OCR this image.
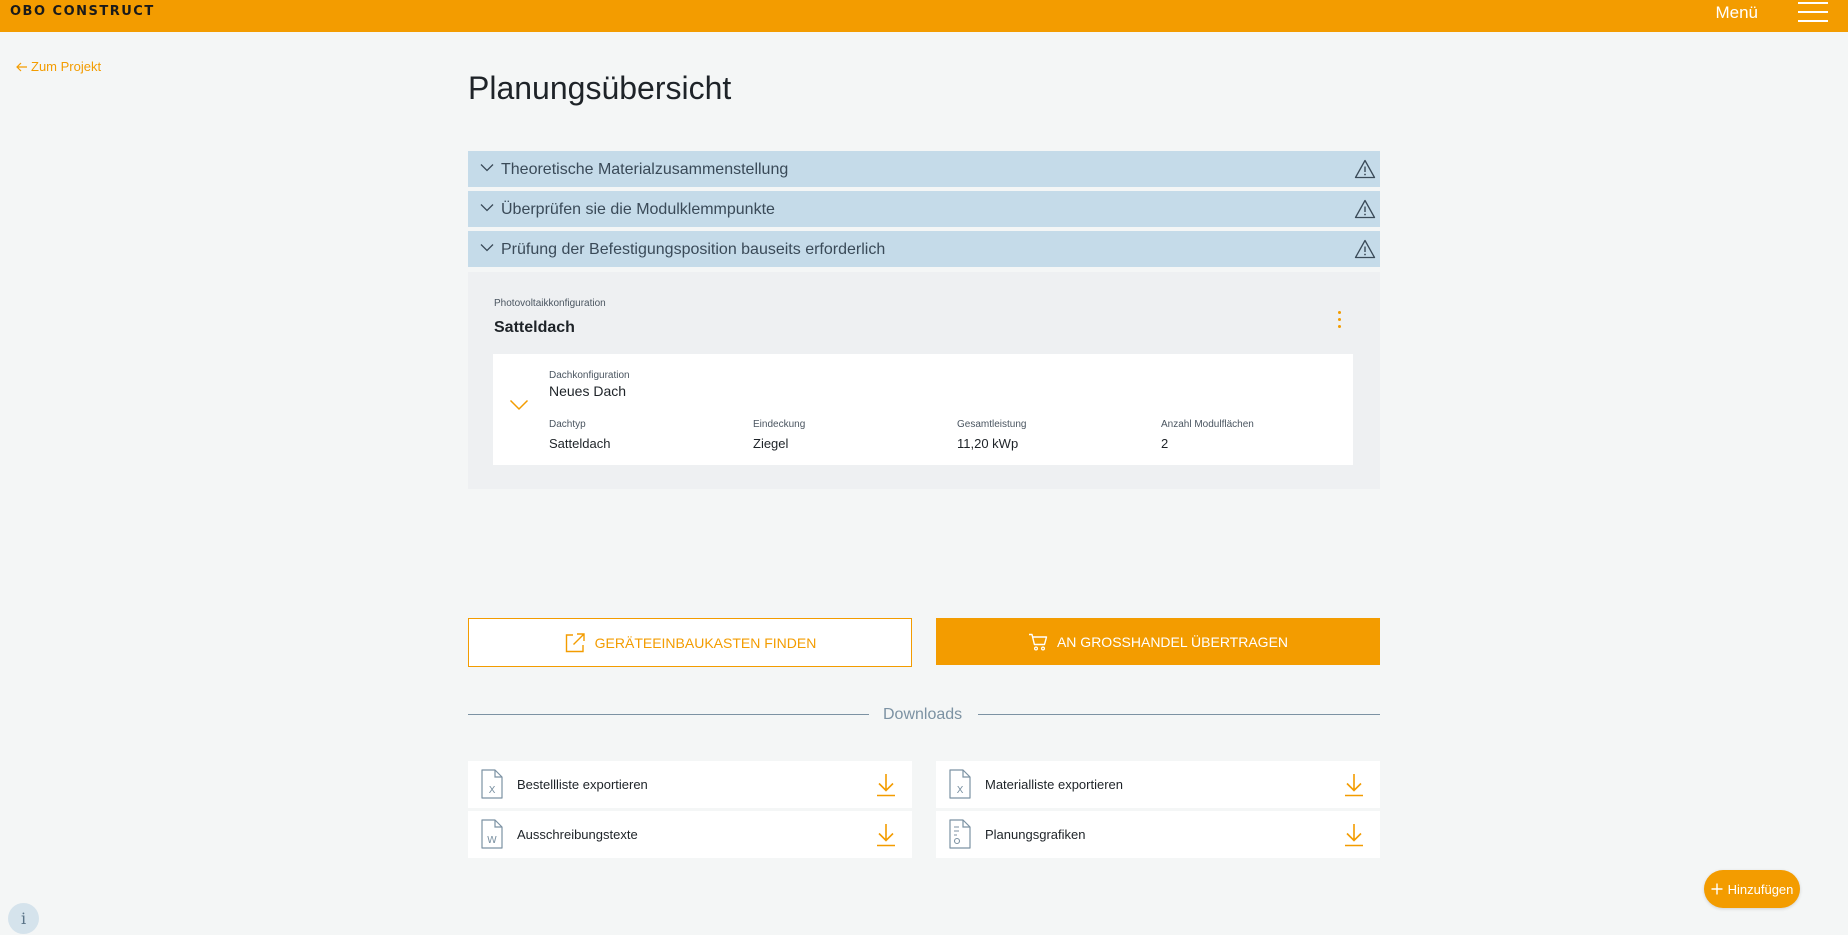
OBO CONSTRUCT	Menü
Zum Projekt
Planungsübersicht
Theoretische Materialzusammenstellung
Überprüfen sie die Modulklemmpunkte
Prüfung der Befestigungsposition bauseits erforderlich
Photovoltaikkonfiguration
Satteldach
Dachkonfiguration
Neues Dach
Dachtyp
Satteldach
Eindeckung
Ziegel
Gesamtleistung
11,20 kWp
Anzahl Modulflächen
2
GERÄTEEINBAUKASTEN FINDEN	AN GROSSHANDEL ÜBERTRAGEN
Downloads
X Bestellliste exportieren	X Materialliste exportieren
W Ausschreibungstexte	Planungsgrafiken
Hinzufügen
i
